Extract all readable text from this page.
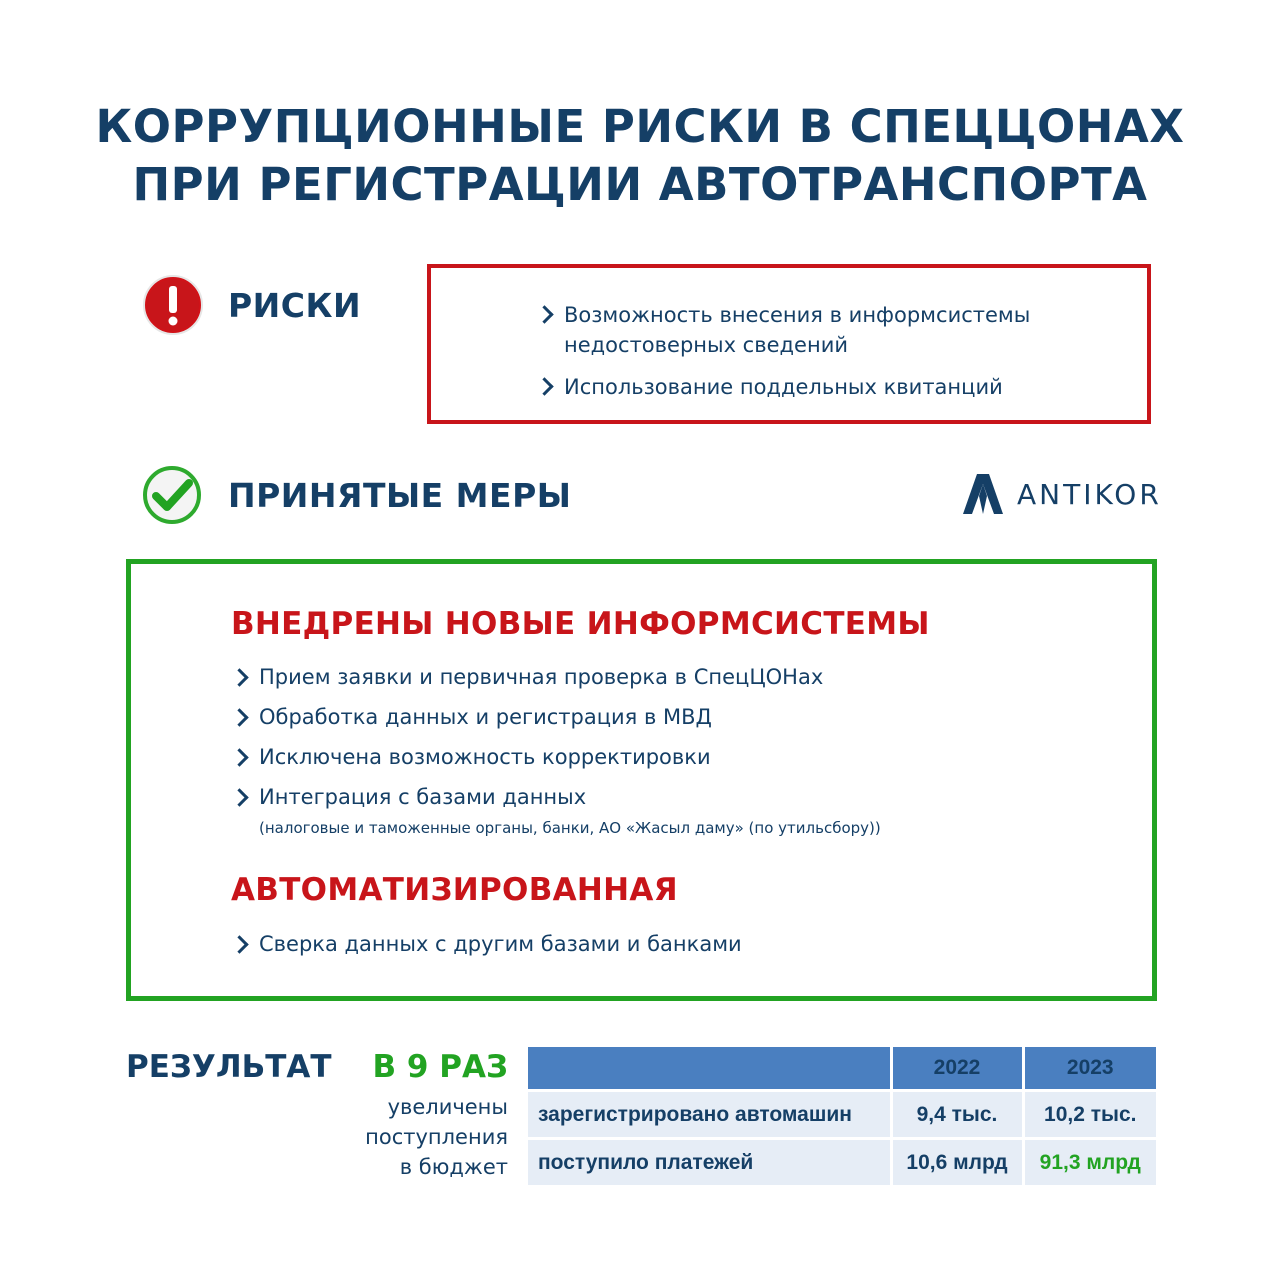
КОРРУПЦИОННЫЕ РИСКИ В СПЕЦЦОНАХ
ПРИ РЕГИСТРАЦИИ АВТОТРАНСПОРТА
РИСКИ	Возможность внесения в информсистемы недостоверных сведений
Использование поддельных квитанций
ПРИНЯТЫЕ МЕРЫ	ANTIKOR
ВНЕДРЕНЫ НОВЫЕ ИНФОРМСИСТЕМЫ
Прием заявки и первичная проверка в СпецЦОНах
Обработка данных и регистрация в МВД
Исключена возможность корректировки
Интеграция с базами данных
(налоговые и таможенные органы, банки, АО «Жасыл даму» (по утильсбору))
АВТОМАТИЗИРОВАННАЯ
Сверка данных с другим базами и банками
РЕЗУЛЬТАТ В 9 РАЗ
увеличены
поступления
в бюджет
	2022	2023
зарегистрировано автомашин	9,4 тыс.	10,2 тыс.
поступило платежей	10,6 млрд	91,3 млрд
